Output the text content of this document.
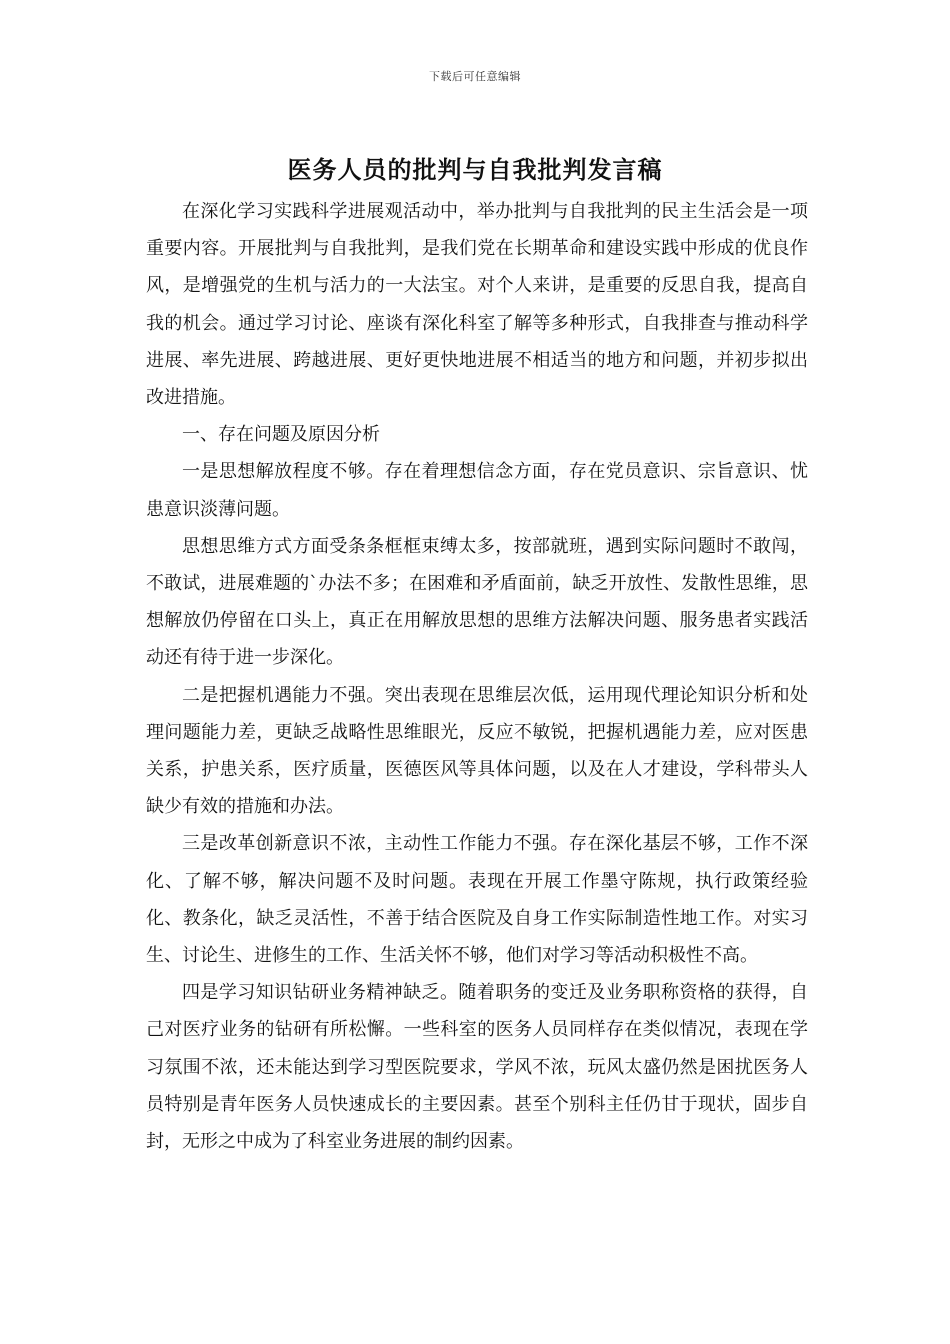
下载后可任意编辑
医务人员的批判与自我批判发言稿

在深化学习实践科学进展观活动中，举办批判与自我批判的民主生活会是一项重要内容。开展批判与自我批判，是我们党在长期革命和建设实践中形成的优良作风，是增强党的生机与活力的一大法宝。对个人来讲，是重要的反思自我，提高自我的机会。通过学习讨论、座谈有深化科室了解等多种形式，自我排查与推动科学进展、率先进展、跨越进展、更好更快地进展不相适当的地方和问题，并初步拟出改进措施。

一、存在问题及原因分析

一是思想解放程度不够。存在着理想信念方面，存在党员意识、宗旨意识、忧患意识淡薄问题。

思想思维方式方面受条条框框束缚太多，按部就班，遇到实际问题时不敢闯，不敢试，进展难题的`办法不多；在困难和矛盾面前，缺乏开放性、发散性思维，思想解放仍停留在口头上，真正在用解放思想的思维方法解决问题、服务患者实践活动还有待于进一步深化。

二是把握机遇能力不强。突出表现在思维层次低，运用现代理论知识分析和处理问题能力差，更缺乏战略性思维眼光，反应不敏锐，把握机遇能力差，应对医患关系，护患关系，医疗质量，医德医风等具体问题，以及在人才建设，学科带头人缺少有效的措施和办法。

三是改革创新意识不浓，主动性工作能力不强。存在深化基层不够，工作不深化、了解不够，解决问题不及时问题。表现在开展工作墨守陈规，执行政策经验化、教条化，缺乏灵活性，不善于结合医院及自身工作实际制造性地工作。对实习生、讨论生、进修生的工作、生活关怀不够，他们对学习等活动积极性不高。

四是学习知识钻研业务精神缺乏。随着职务的变迁及业务职称资格的获得，自己对医疗业务的钻研有所松懈。一些科室的医务人员同样存在类似情况，表现在学习氛围不浓，还未能达到学习型医院要求，学风不浓，玩风太盛仍然是困扰医务人员特别是青年医务人员快速成长的主要因素。甚至个别科主任仍甘于现状，固步自封，无形之中成为了科室业务进展的制约因素。
